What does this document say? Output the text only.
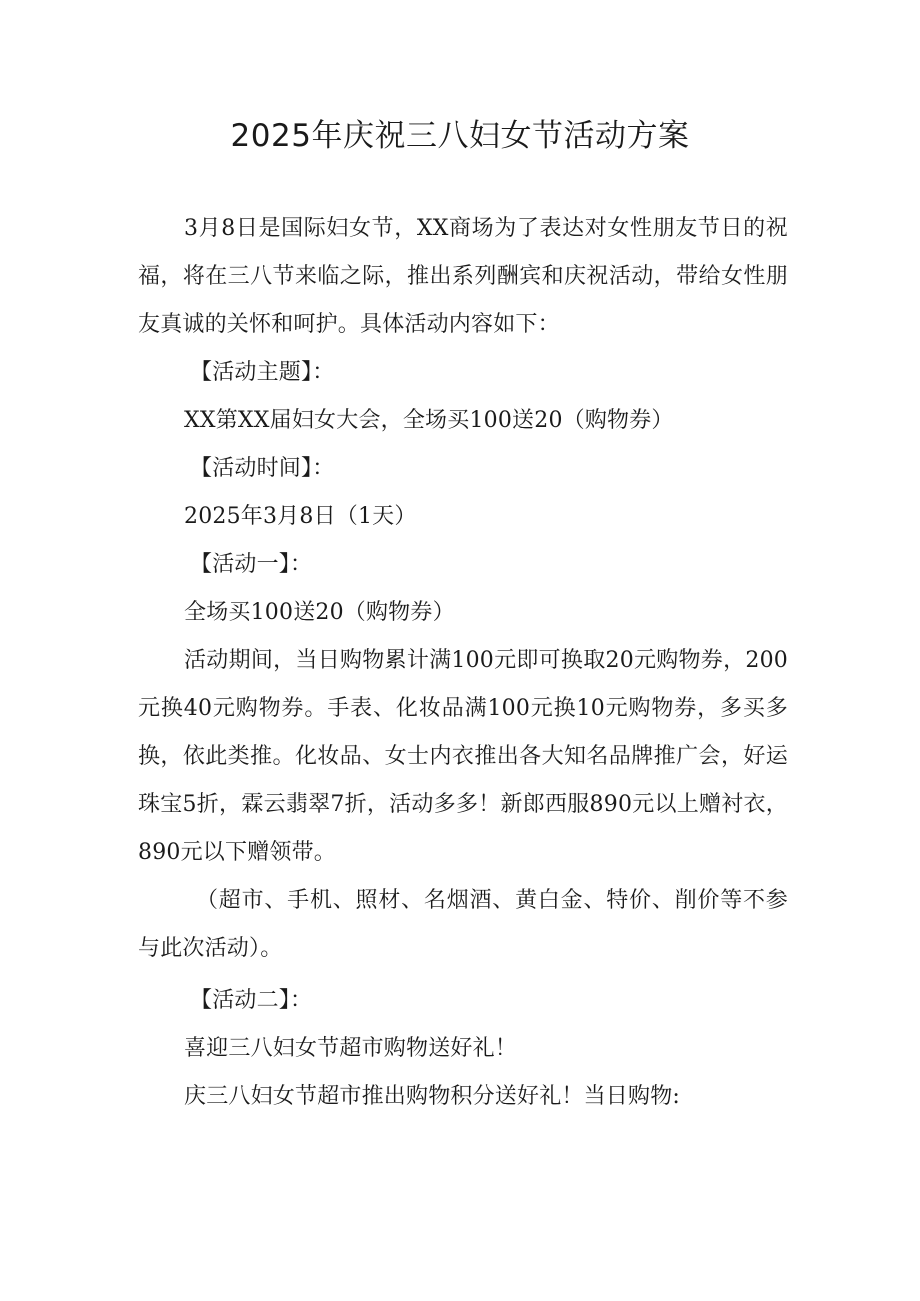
2025年庆祝三八妇女节活动方案

3月8日是国际妇女节，XX商场为了表达对女性朋友节日的祝福，将在三八节来临之际，推出系列酬宾和庆祝活动，带给女性朋友真诚的关怀和呵护。具体活动内容如下：

【活动主题】：

XX第XX届妇女大会，全场买100送20（购物券）

【活动时间】：

2025年3月8日（1天）

【活动一】：

全场买100送20（购物券）

活动期间，当日购物累计满100元即可换取20元购物券，200元换40元购物券。手表、化妆品满100元换10元购物券，多买多换，依此类推。化妆品、女士内衣推出各大知名品牌推广会，好运珠宝5折，霖云翡翠7折，活动多多！新郎西服890元以上赠衬衣，890元以下赠领带。

（超市、手机、照材、名烟酒、黄白金、特价、削价等不参与此次活动）。

【活动二】：

喜迎三八妇女节超市购物送好礼！

庆三八妇女节超市推出购物积分送好礼！当日购物:
